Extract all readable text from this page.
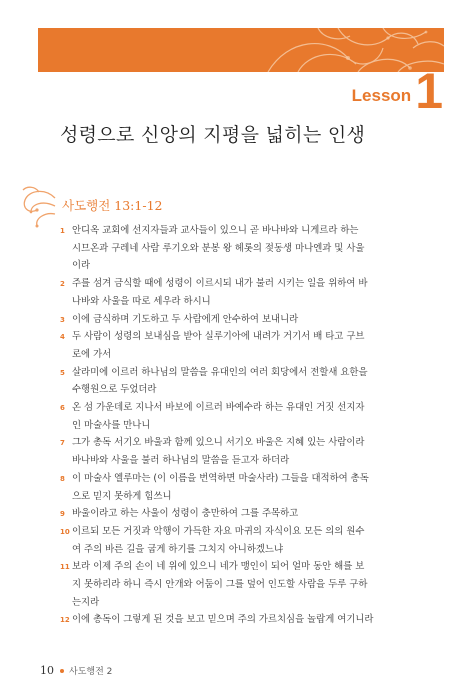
Lesson 1
성령으로 신앙의 지평을 넓히는 인생
사도행전 13:1-12
1 안디옥 교회에 선지자들과 교사들이 있으니 곧 바나바와 니게르라 하는
시므온과 구레네 사람 루기오와 분봉 왕 헤롯의 젖동생 마나엔과 및 사울
이라
2 주를 섬겨 금식할 때에 성령이 이르시되 내가 불러 시키는 일을 위하여 바
나바와 사울을 따로 세우라 하시니
3 이에 금식하며 기도하고 두 사람에게 안수하여 보내니라
4 두 사람이 성령의 보내심을 받아 실루기아에 내려가 거기서 배 타고 구브
로에 가서
5 살라미에 이르러 하나님의 말씀을 유대인의 여러 회당에서 전할새 요한을
수행원으로 두었더라
6 온 섬 가운데로 지나서 바보에 이르러 바예수라 하는 유대인 거짓 선지자
인 마술사를 만나니
7 그가 총독 서기오 바울과 함께 있으니 서기오 바울은 지혜 있는 사람이라
바나바와 사울을 불러 하나님의 말씀을 듣고자 하더라
8 이 마술사 엘루마는 (이 이름을 번역하면 마술사라) 그들을 대적하여 총독
으로 믿지 못하게 힘쓰니
9 바울이라고 하는 사울이 성령이 충만하여 그를 주목하고
10 이르되 모든 거짓과 악행이 가득한 자요 마귀의 자식이요 모든 의의 원수
여 주의 바른 길을 굽게 하기를 그치지 아니하겠느냐
11 보라 이제 주의 손이 네 위에 있으니 네가 맹인이 되어 얼마 동안 해를 보
지 못하리라 하니 즉시 안개와 어둠이 그를 덮어 인도할 사람을 두루 구하
는지라
12 이에 총독이 그렇게 된 것을 보고 믿으며 주의 가르치심을 놀랍게 여기니라
10 사도행전 2
